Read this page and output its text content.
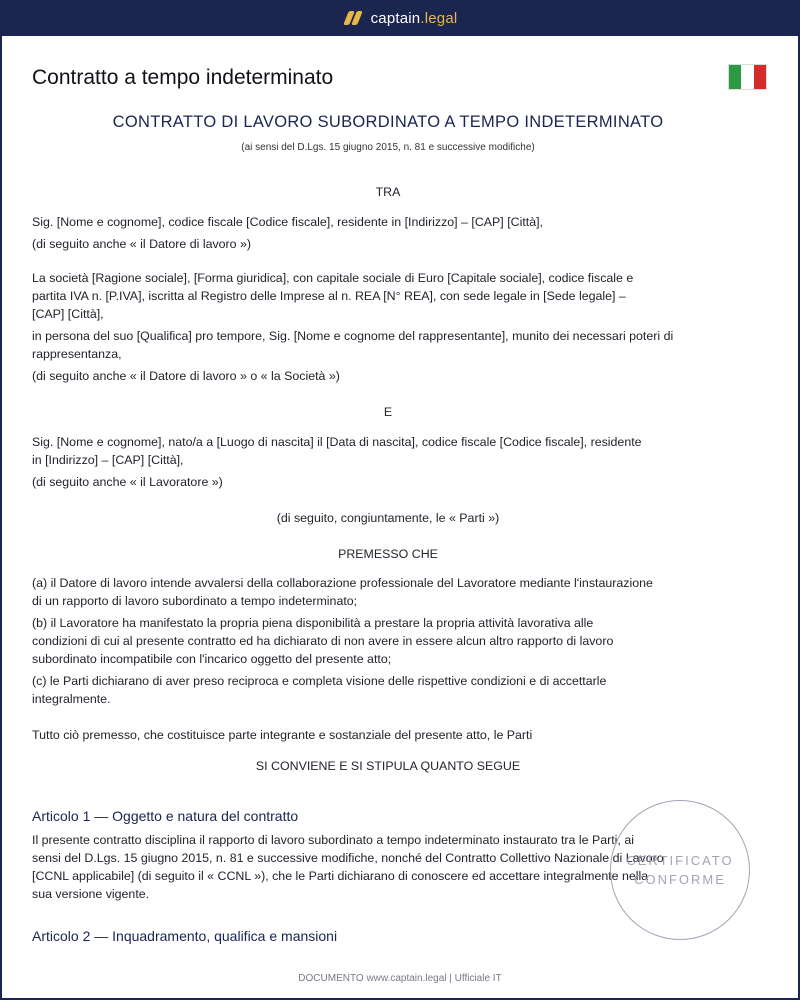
captain.legal
Contratto a tempo indeterminato
CONTRATTO DI LAVORO SUBORDINATO A TEMPO INDETERMINATO
(ai sensi del D.Lgs. 15 giugno 2015, n. 81 e successive modifiche)
TRA
Sig. [Nome e cognome], codice fiscale [Codice fiscale], residente in [Indirizzo] – [CAP] [Città],
(di seguito anche « il Datore di lavoro »)
La società [Ragione sociale], [Forma giuridica], con capitale sociale di Euro [Capitale sociale], codice fiscale e
partita IVA n. [P.IVA], iscritta al Registro delle Imprese al n. REA [N° REA], con sede legale in [Sede legale] –
[CAP] [Città],
in persona del suo [Qualifica] pro tempore, Sig. [Nome e cognome del rappresentante], munito dei necessari poteri di
rappresentanza,
(di seguito anche « il Datore di lavoro » o « la Società »)
E
Sig. [Nome e cognome], nato/a a [Luogo di nascita] il [Data di nascita], codice fiscale [Codice fiscale], residente
in [Indirizzo] – [CAP] [Città],
(di seguito anche « il Lavoratore »)
(di seguito, congiuntamente, le « Parti »)
PREMESSO CHE
(a) il Datore di lavoro intende avvalersi della collaborazione professionale del Lavoratore mediante l'instaurazione
di un rapporto di lavoro subordinato a tempo indeterminato;
(b) il Lavoratore ha manifestato la propria piena disponibilità a prestare la propria attività lavorativa alle
condizioni di cui al presente contratto ed ha dichiarato di non avere in essere alcun altro rapporto di lavoro
subordinato incompatibile con l'incarico oggetto del presente atto;
(c) le Parti dichiarano di aver preso reciproca e completa visione delle rispettive condizioni e di accettarle
integralmente.
Tutto ciò premesso, che costituisce parte integrante e sostanziale del presente atto, le Parti
SI CONVIENE E SI STIPULA QUANTO SEGUE
Articolo 1 — Oggetto e natura del contratto
Il presente contratto disciplina il rapporto di lavoro subordinato a tempo indeterminato instaurato tra le Parti, ai
sensi del D.Lgs. 15 giugno 2015, n. 81 e successive modifiche, nonché del Contratto Collettivo Nazionale di Lavoro
[CCNL applicabile] (di seguito il « CCNL »), che le Parti dichiarano di conoscere ed accettare integralmente nella
sua versione vigente.
Articolo 2 — Inquadramento, qualifica e mansioni
CERTIFICATO
CONFORME
DOCUMENTO www.captain.legal | Ufficiale IT
